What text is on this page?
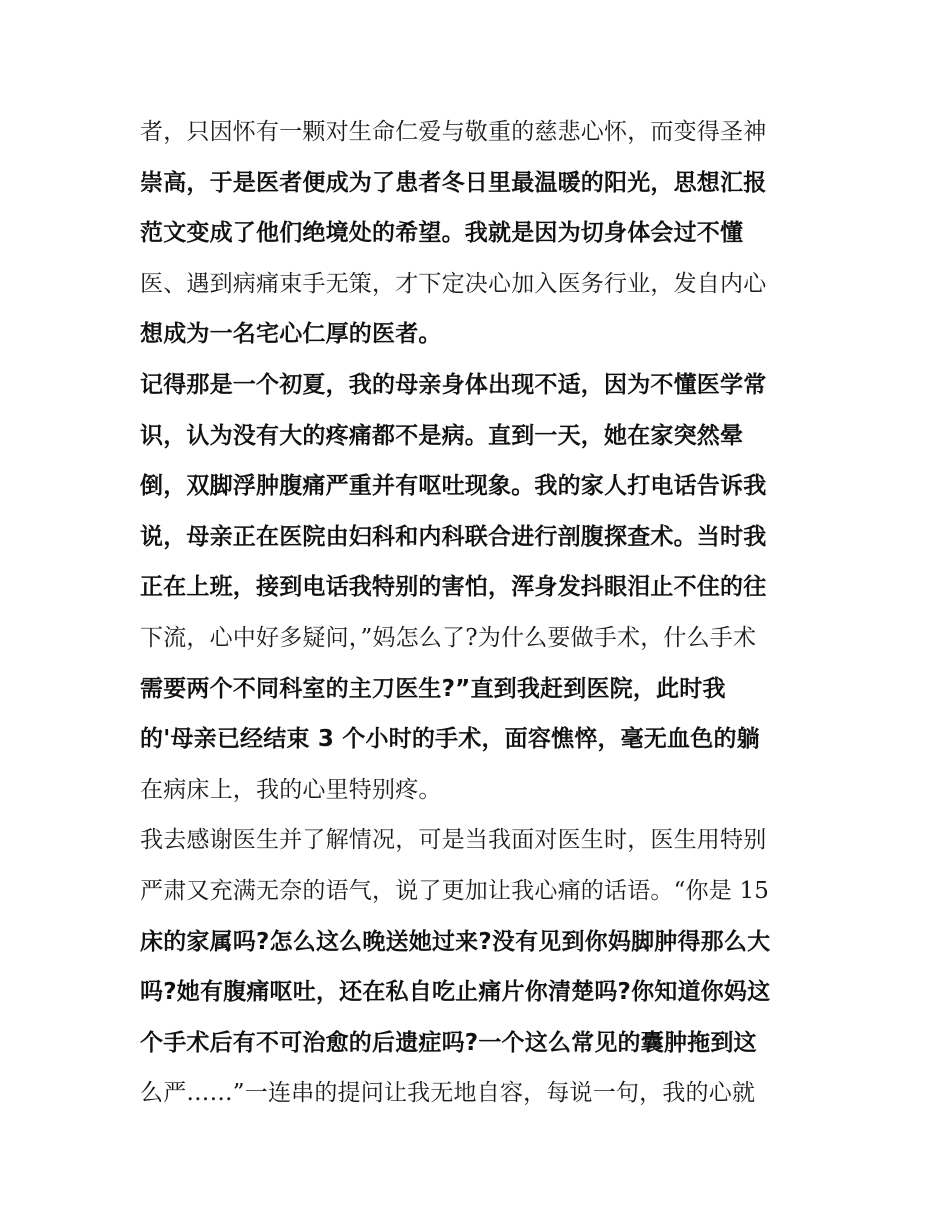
者，只因怀有一颗对生命仁爱与敬重的慈悲心怀，而变得圣神
崇高，于是医者便成为了患者冬日里最温暖的阳光，思想汇报
范文变成了他们绝境处的希望。我就是因为切身体会过不懂
医、遇到病痛束手无策，才下定决心加入医务行业，发自内心
想成为一名宅心仁厚的医者。
记得那是一个初夏，我的母亲身体出现不适，因为不懂医学常
识，认为没有大的疼痛都不是病。直到一天，她在家突然晕
倒，双脚浮肿腹痛严重并有呕吐现象。我的家人打电话告诉我
说，母亲正在医院由妇科和内科联合进行剖腹探查术。当时我
正在上班，接到电话我特别的害怕，浑身发抖眼泪止不住的往
下流，心中好多疑问，”妈怎么了?为什么要做手术，什么手术
需要两个不同科室的主刀医生?”直到我赶到医院，此时我
的'母亲已经结束 3 个小时的手术，面容憔悴，毫无血色的躺
在病床上，我的心里特别疼。
我去感谢医生并了解情况，可是当我面对医生时，医生用特别
严肃又充满无奈的语气，说了更加让我心痛的话语。“你是 15
床的家属吗?怎么这么晚送她过来?没有见到你妈脚肿得那么大
吗?她有腹痛呕吐，还在私自吃止痛片你清楚吗?你知道你妈这
个手术后有不可治愈的后遗症吗?一个这么常见的囊肿拖到这
么严……”一连串的提问让我无地自容，每说一句，我的心就
